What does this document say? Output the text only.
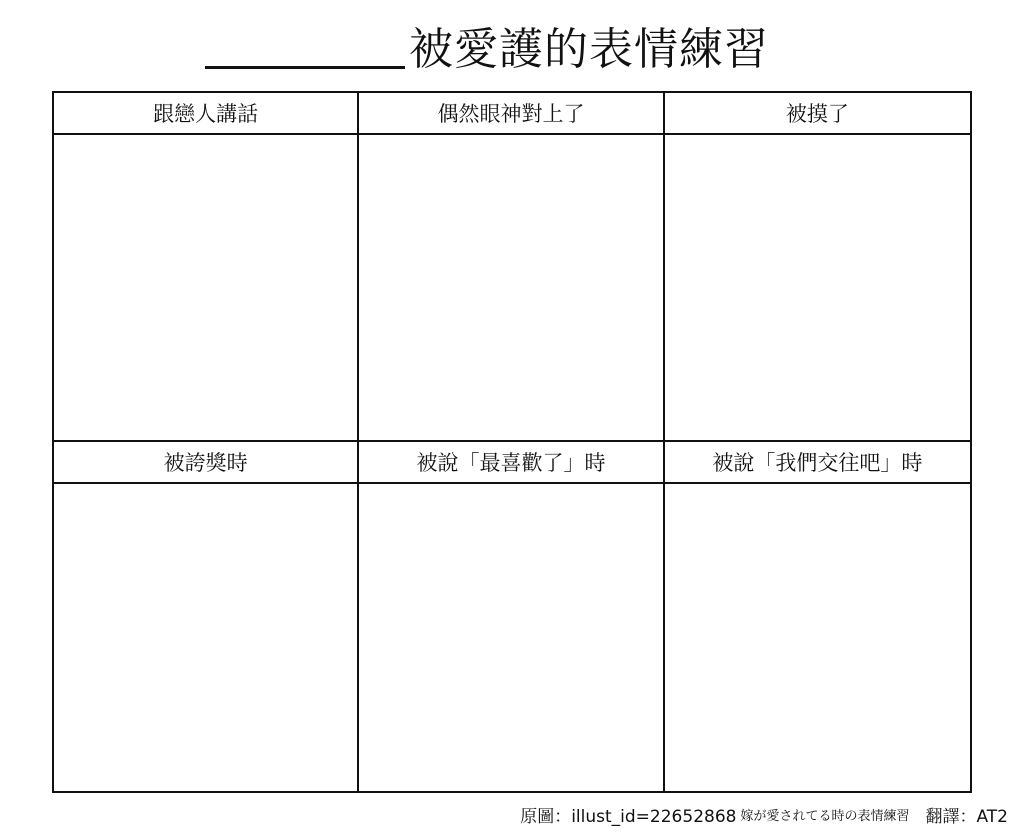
被愛護的表情練習
跟戀人講話	偶然眼神對上了	被摸了
被誇獎時	被說「最喜歡了」時	被說「我們交往吧」時
原圖：illust_id=22652868 嫁が愛されてる時の表情練習 翻譯：AT2
